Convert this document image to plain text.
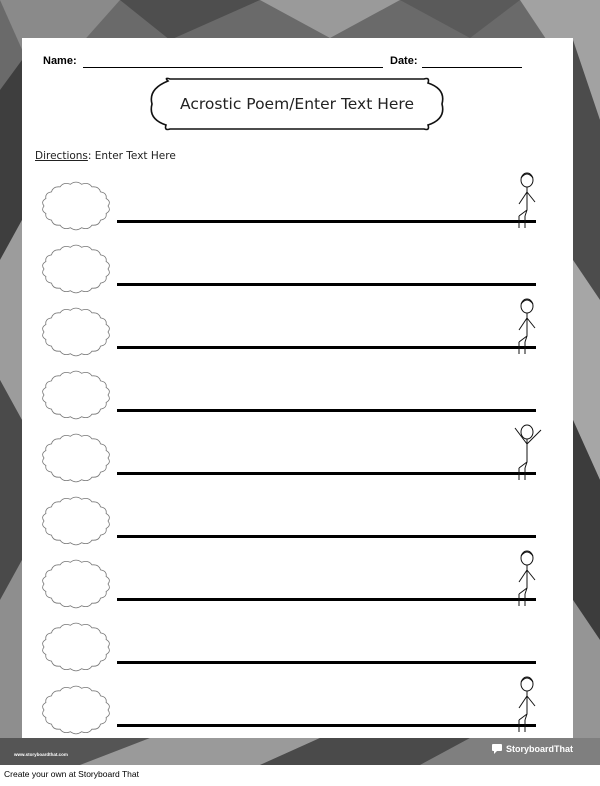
Name:	Date:
Acrostic Poem/Enter Text Here
Directions: Enter Text Here
www.storyboardthat.com
StoryboardThat
Create your own at Storyboard That
